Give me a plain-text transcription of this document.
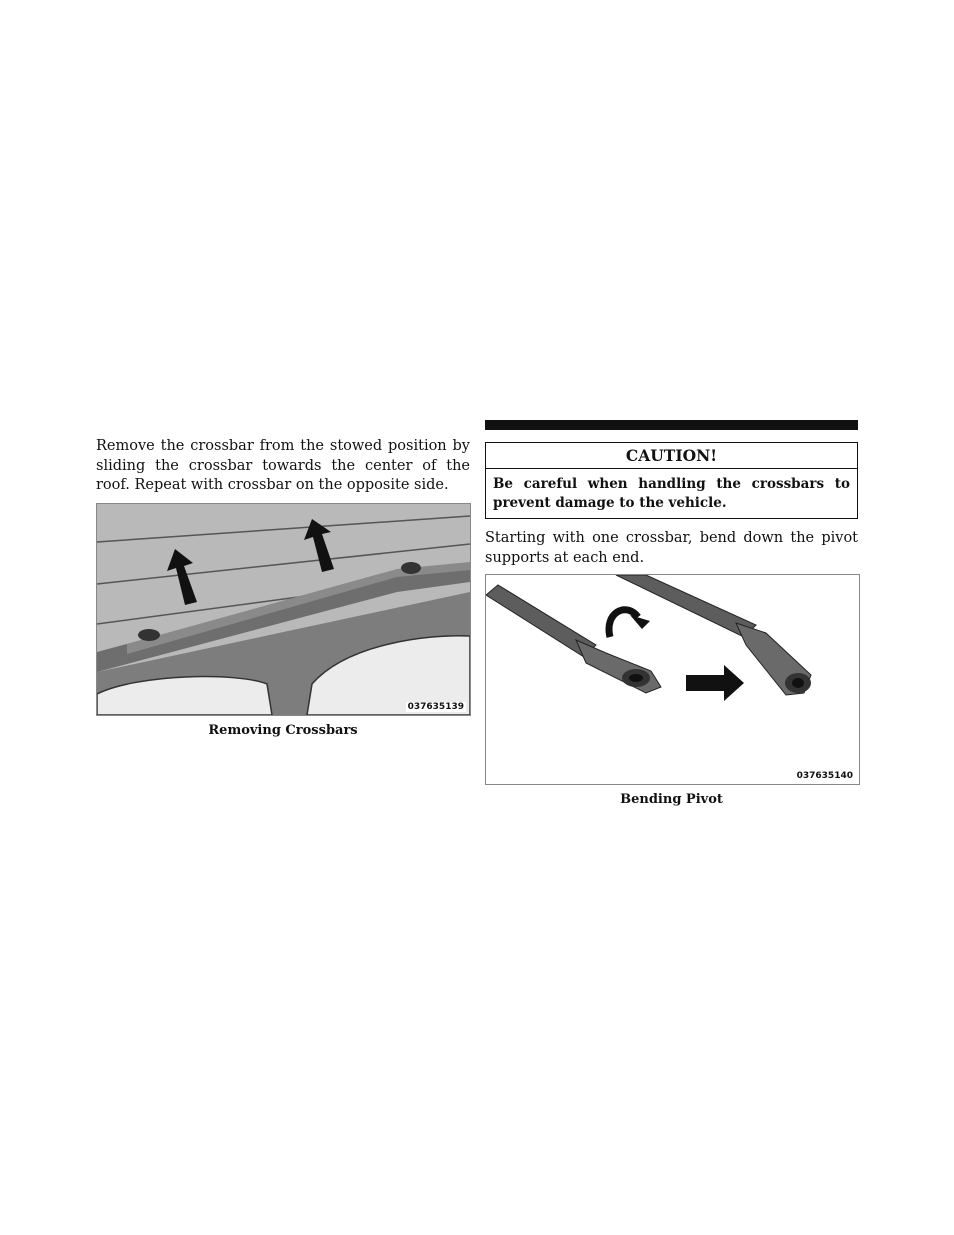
Remove the crossbar from the stowed position by sliding the crossbar towards the center of the roof. Repeat with crossbar on the opposite side.

037635139
Removing Crossbars
CAUTION!
Be careful when handling the crossbars to prevent damage to the vehicle.

Starting with one crossbar, bend down the pivot supports at each end.

037635140
Bending Pivot
